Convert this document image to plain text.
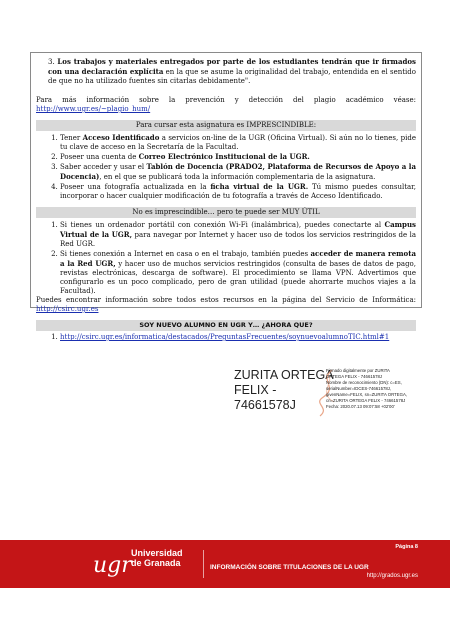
3. Los trabajos y materiales entregados por parte de los estudiantes tendrán que ir firmados con una declaración explícita en la que se asume la originalidad del trabajo, entendida en el sentido de que no ha utilizado fuentes sin citarlas debidamente".
Para más información sobre la prevención y detección del plagio académico véase: http://www.ugr.es/~plagio_hum/
Para cursar esta asignatura es IMPRESCINDIBLE:
1. Tener Acceso Identificado a servicios on-line de la UGR (Oficina Virtual). Si aún no lo tienes, pide tu clave de acceso en la Secretaría de la Facultad.
2. Poseer una cuenta de Correo Electrónico Institucional de la UGR.
3. Saber acceder y usar el Tablón de Docencia (PRADO2, Plataforma de Recursos de Apoyo a la Docencia), en el que se publicará toda la información complementaria de la asignatura.
4. Poseer una fotografía actualizada en la ficha virtual de la UGR. Tú mismo puedes consultar, incorporar o hacer cualquier modificación de tu fotografía a través de Acceso Identificado.
No es imprescindible… pero te puede ser MUY ÚTIL
1. Si tienes un ordenador portátil con conexión Wi-Fi (inalámbrica), puedes conectarte al Campus Virtual de la UGR, para navegar por Internet y hacer uso de todos los servicios restringidos de la Red UGR.
2. Si tienes conexión a Internet en casa o en el trabajo, también puedes acceder de manera remota a la Red UGR, y hacer uso de muchos servicios restringidos (consulta de bases de datos de pago, revistas electrónicas, descarga de software). El procedimiento se llama VPN. Advertimos que configurarlo es un poco complicado, pero de gran utilidad (puede ahorrarte muchos viajes a la Facultad).
Puedes encontrar información sobre todos estos recursos en la página del Servicio de Informática: http://csirc.ugr.es
SOY NUEVO ALUMNO EN UGR Y… ¿AHORA QUE?
1. http://csirc.ugr.es/informatica/destacados/PreguntasFrecuentes/soynuevoalumnoTIC.html#1
ZURITA ORTEGA
FELIX -
74661578J
Firmado digitalmente por ZURITA
ORTEGA FELIX - 74661578J
Nombre de reconocimiento (DN): c=ES,
serialNumber=IDCES-74661578J,
givenName=FELIX, sn=ZURITA ORTEGA,
cn=ZURITA ORTEGA FELIX - 74661578J
Fecha: 2020.07.13 09:07:58 +02'00'
ugr Universidad
de Granada
Página 8
INFORMACIÓN SOBRE TITULACIONES DE LA UGR
http://grados.ugr.es
